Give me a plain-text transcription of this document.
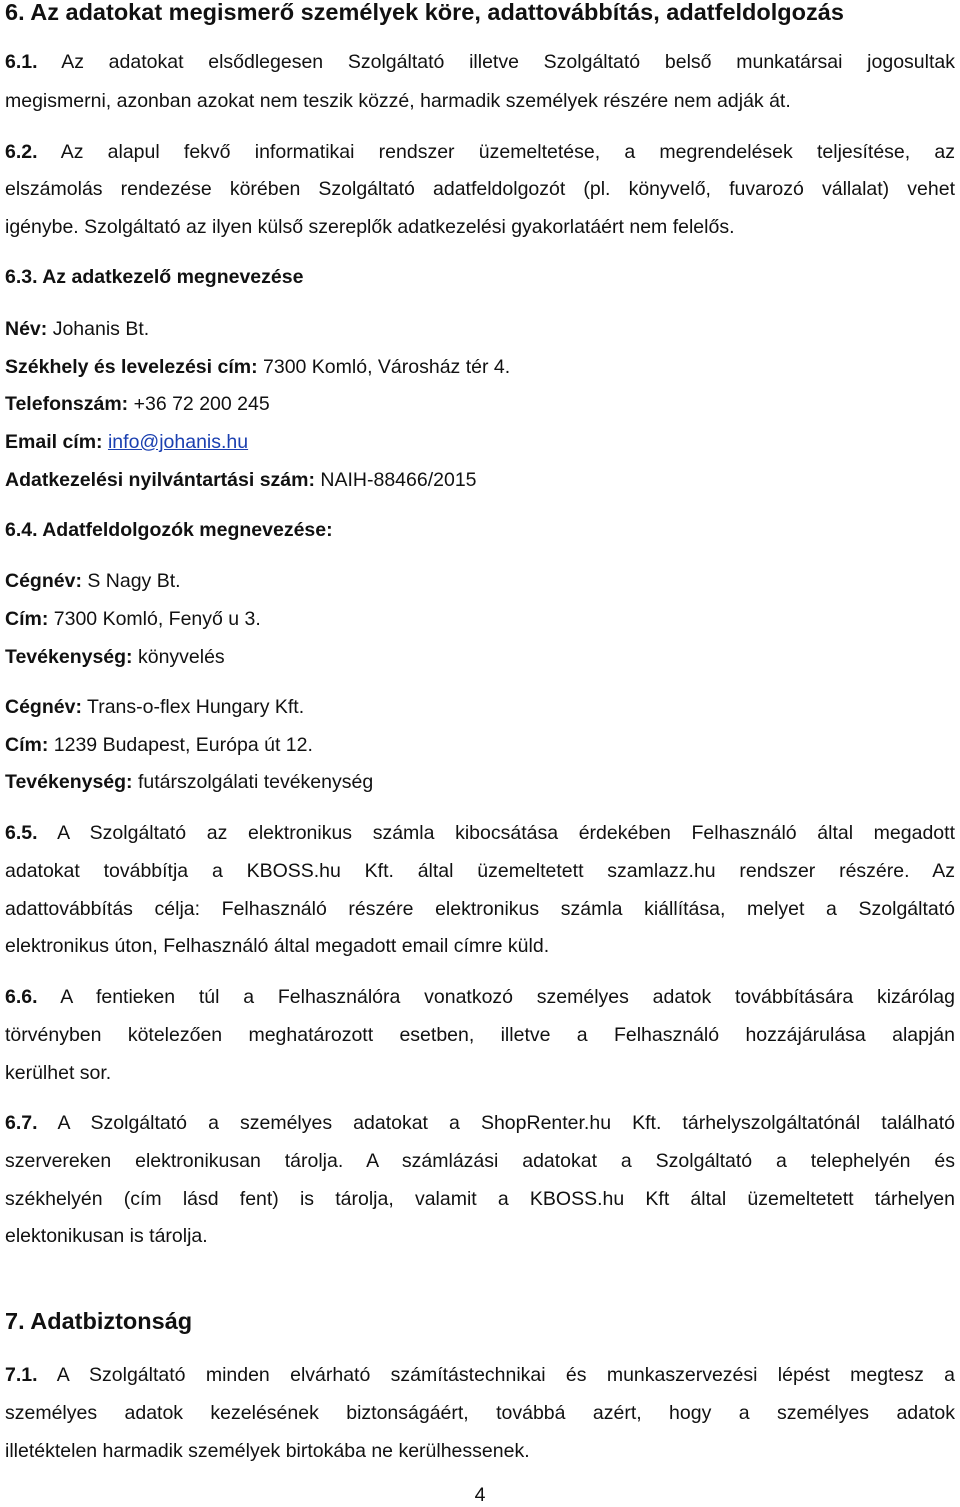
6. Az adatokat megismerő személyek köre, adattovábbítás, adatfeldolgozás
6.1. Az adatokat elsődlegesen Szolgáltató illetve Szolgáltató belső munkatársai jogosultak
megismerni, azonban azokat nem teszik közzé, harmadik személyek részére nem adják át.
6.2. Az alapul fekvő informatikai rendszer üzemeltetése, a megrendelések teljesítése, az
elszámolás rendezése körében Szolgáltató adatfeldolgozót (pl. könyvelő, fuvarozó vállalat) vehet
igénybe. Szolgáltató az ilyen külső szereplők adatkezelési gyakorlatáért nem felelős.
6.3. Az adatkezelő megnevezése
Név: Johanis Bt.
Székhely és levelezési cím: 7300 Komló, Városház tér 4.
Telefonszám: +36 72 200 245
Email cím: info@johanis.hu
Adatkezelési nyilvántartási szám: NAIH-88466/2015
6.4. Adatfeldolgozók megnevezése:
Cégnév: S Nagy Bt.
Cím: 7300 Komló, Fenyő u 3.
Tevékenység: könyvelés
Cégnév: Trans-o-flex Hungary Kft.
Cím: 1239 Budapest, Európa út 12.
Tevékenység: futárszolgálati tevékenység
6.5. A Szolgáltató az elektronikus számla kibocsátása érdekében Felhasználó által megadott
adatokat továbbítja a KBOSS.hu Kft. által üzemeltetett szamlazz.hu rendszer részére. Az
adattovábbítás célja: Felhasználó részére elektronikus számla kiállítása, melyet a Szolgáltató
elektronikus úton, Felhasználó által megadott email címre küld.
6.6. A fentieken túl a Felhasználóra vonatkozó személyes adatok továbbítására kizárólag
törvényben kötelezően meghatározott esetben, illetve a Felhasználó hozzájárulása alapján
kerülhet sor.
6.7. A Szolgáltató a személyes adatokat a ShopRenter.hu Kft. tárhelyszolgáltatónál található
szervereken elektronikusan tárolja. A számlázási adatokat a Szolgáltató a telephelyén és
székhelyén (cím lásd fent) is tárolja, valamit a KBOSS.hu Kft által üzemeltetett tárhelyen
elektonikusan is tárolja.
7. Adatbiztonság
7.1. A Szolgáltató minden elvárható számítástechnikai és munkaszervezési lépést megtesz a
személyes adatok kezelésének biztonságáért, továbbá azért, hogy a személyes adatok
illetéktelen harmadik személyek birtokába ne kerülhessenek.
4
